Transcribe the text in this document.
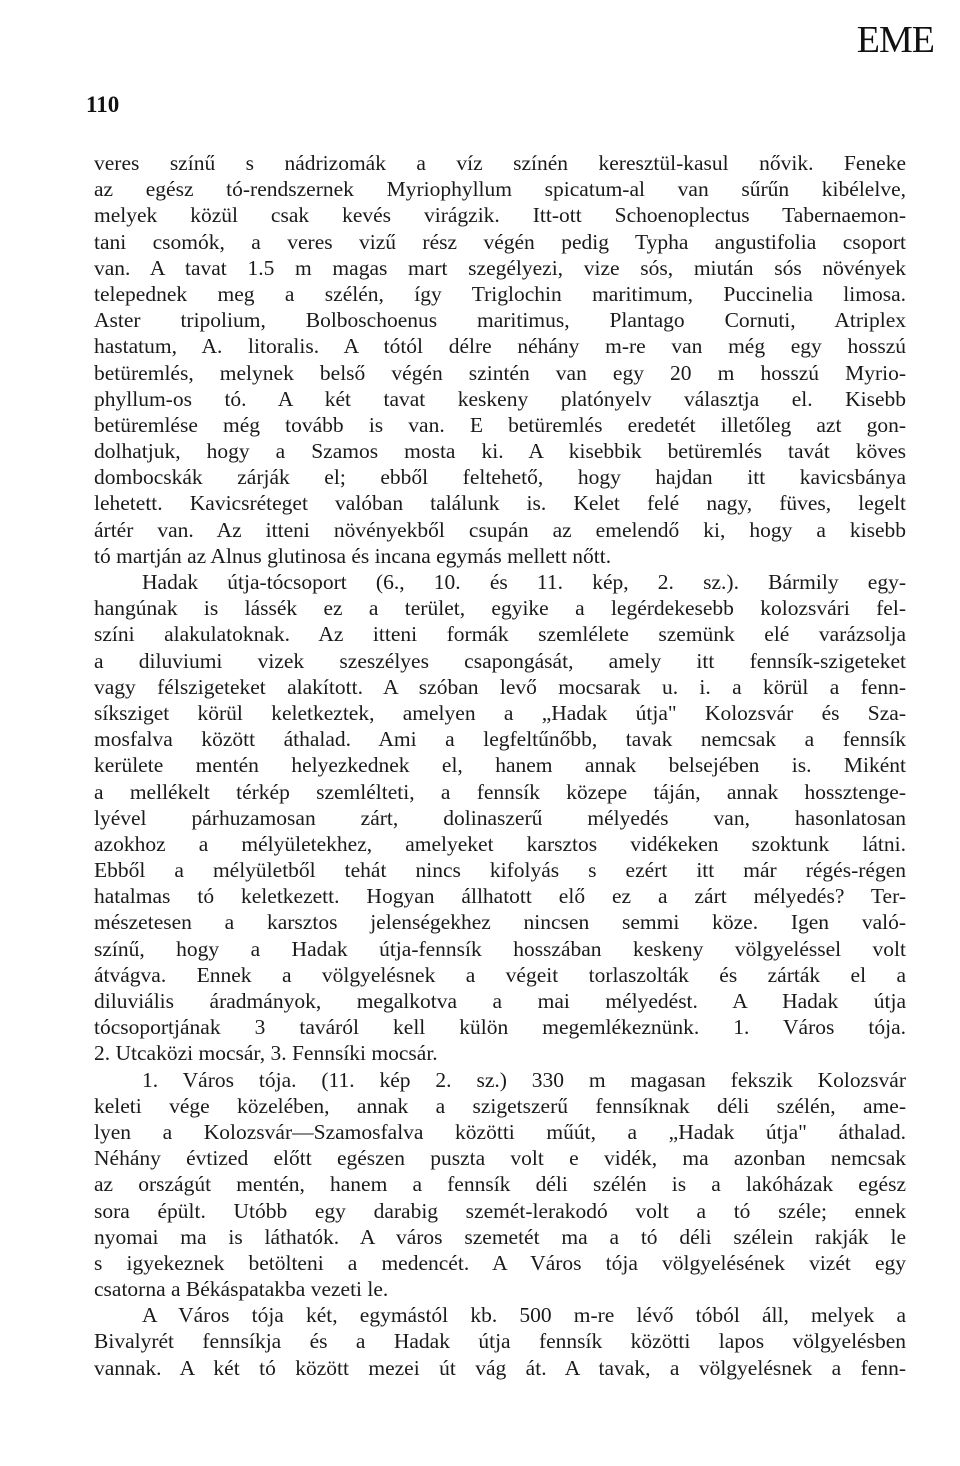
EME
110
veres színű s nádrizomák a víz színén keresztül-kasul nővik. Feneke
az egész tó-rendszernek Myriophyllum spicatum-al van sűrűn kibélelve,
melyek közül csak kevés virágzik. Itt-ott Schoenoplectus Tabernaemon-
tani csomók, a veres vizű rész végén pedig Typha angustifolia csoport
van. A tavat 1.5 m magas mart szegélyezi, vize sós, miután sós növények
telepednek meg a szélén, így Triglochin maritimum, Puccinelia limosa.
Aster tripolium, Bolboschoenus maritimus, Plantago Cornuti, Atriplex
hastatum, A. litoralis. A tótól délre néhány m-re van még egy hosszú
betüremlés, melynek belső végén szintén van egy 20 m hosszú Myrio-
phyllum-os tó. A két tavat keskeny platónyelv választja el. Kisebb
betüremlése még tovább is van. E betüremlés eredetét illetőleg azt gon-
dolhatjuk, hogy a Szamos mosta ki. A kisebbik betüremlés tavát köves
dombocskák zárják el; ebből feltehető, hogy hajdan itt kavicsbánya
lehetett. Kavicsréteget valóban találunk is. Kelet felé nagy, füves, legelt
ártér van. Az itteni növényekből csupán az emelendő ki, hogy a kisebb
tó martján az Alnus glutinosa és incana egymás mellett nőtt.
Hadak útja-tócsoport (6., 10. és 11. kép, 2. sz.). Bármily egy-
hangúnak is lássék ez a terület, egyike a legérdekesebb kolozsvári fel-
színi alakulatoknak. Az itteni formák szemlélete szemünk elé varázsolja
a diluviumi vizek szeszélyes csapongását, amely itt fennsík-szigeteket
vagy félszigeteket alakított. A szóban levő mocsarak u. i. a körül a fenn-
síksziget körül keletkeztek, amelyen a „Hadak útja" Kolozsvár és Sza-
mosfalva között áthalad. Ami a legfeltűnőbb, tavak nemcsak a fennsík
kerülete mentén helyezkednek el, hanem annak belsejében is. Miként
a mellékelt térkép szemlélteti, a fennsík közepe táján, annak hossztenge-
lyével párhuzamosan zárt, dolinaszerű mélyedés van, hasonlatosan
azokhoz a mélyületekhez, amelyeket karsztos vidékeken szoktunk látni.
Ebből a mélyületből tehát nincs kifolyás s ezért itt már régés-régen
hatalmas tó keletkezett. Hogyan állhatott elő ez a zárt mélyedés? Ter-
mészetesen a karsztos jelenségekhez nincsen semmi köze. Igen való-
színű, hogy a Hadak útja-fennsík hosszában keskeny völgyeléssel volt
átvágva. Ennek a völgyelésnek a végeit torlaszolták és zárták el a
diluviális áradmányok, megalkotva a mai mélyedést. A Hadak útja
tócsoportjának 3 taváról kell külön megemlékeznünk. 1. Város tója.
2. Utcaközi mocsár, 3. Fennsíki mocsár.
1. Város tója. (11. kép 2. sz.) 330 m magasan fekszik Kolozsvár
keleti vége közelében, annak a szigetszerű fennsíknak déli szélén, ame-
lyen a Kolozsvár—Szamosfalva közötti műút, a „Hadak útja" áthalad.
Néhány évtized előtt egészen puszta volt e vidék, ma azonban nemcsak
az országút mentén, hanem a fennsík déli szélén is a lakóházak egész
sora épült. Utóbb egy darabig szemét-lerakodó volt a tó széle; ennek
nyomai ma is láthatók. A város szemetét ma a tó déli szélein rakják le
s igyekeznek betölteni a medencét. A Város tója völgyelésének vizét egy
csatorna a Békáspatakba vezeti le.
A Város tója két, egymástól kb. 500 m-re lévő tóból áll, melyek a
Bivalyrét fennsíkja és a Hadak útja fennsík közötti lapos völgyelésben
vannak. A két tó között mezei út vág át. A tavak, a völgyelésnek a fenn-
